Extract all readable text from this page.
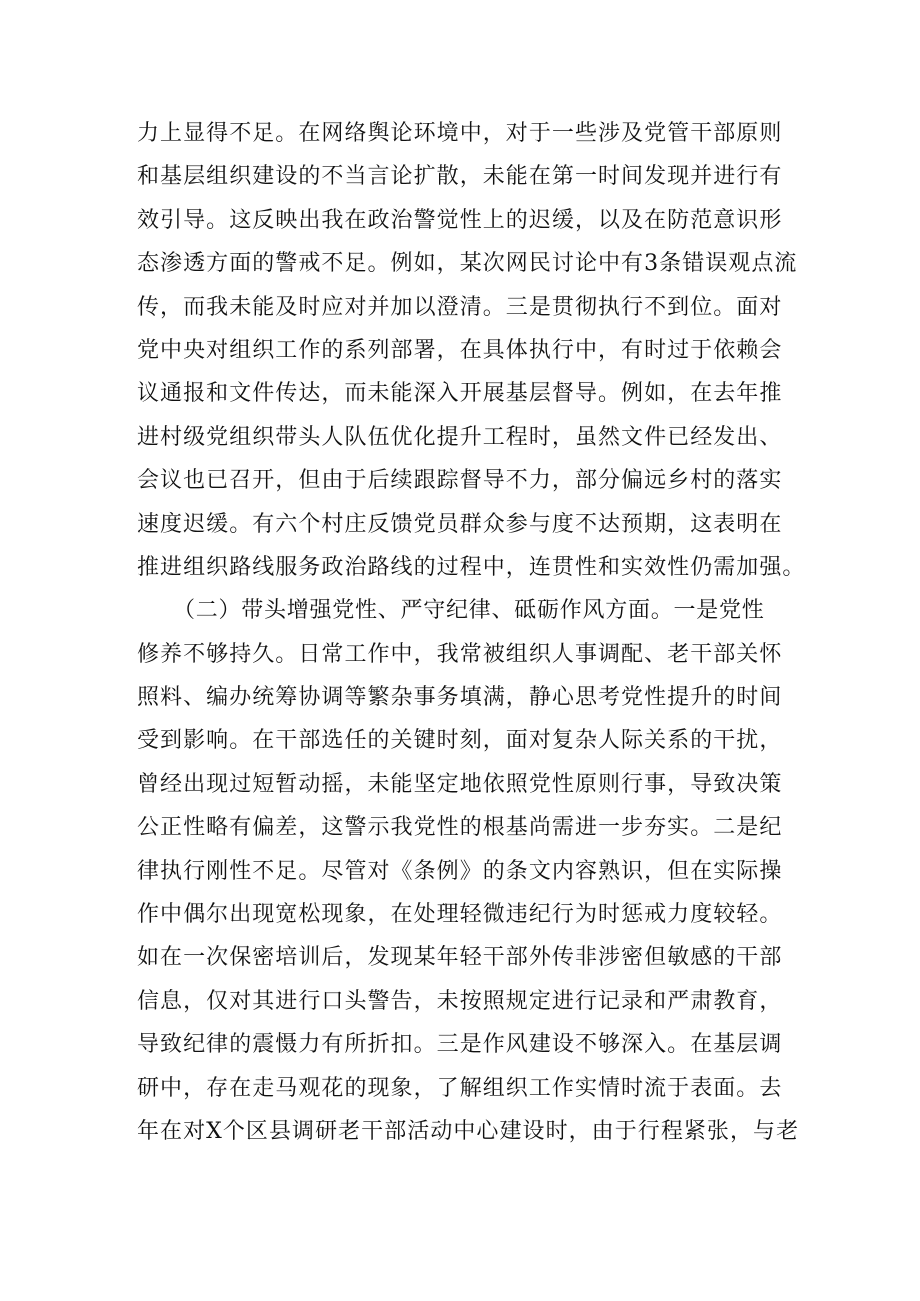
力上显得不足。在网络舆论环境中，对于一些涉及党管干部原则
和基层组织建设的不当言论扩散，未能在第一时间发现并进行有
效引导。这反映出我在政治警觉性上的迟缓，以及在防范意识形
态渗透方面的警戒不足。例如，某次网民讨论中有3条错误观点流
传，而我未能及时应对并加以澄清。三是贯彻执行不到位。面对
党中央对组织工作的系列部署，在具体执行中，有时过于依赖会
议通报和文件传达，而未能深入开展基层督导。例如，在去年推
进村级党组织带头人队伍优化提升工程时，虽然文件已经发出、
会议也已召开，但由于后续跟踪督导不力，部分偏远乡村的落实
速度迟缓。有六个村庄反馈党员群众参与度不达预期，这表明在
推进组织路线服务政治路线的过程中，连贯性和实效性仍需加强。
（二）带头增强党性、严守纪律、砥砺作风方面。一是党性
修养不够持久。日常工作中，我常被组织人事调配、老干部关怀
照料、编办统筹协调等繁杂事务填满，静心思考党性提升的时间
受到影响。在干部选任的关键时刻，面对复杂人际关系的干扰，
曾经出现过短暂动摇，未能坚定地依照党性原则行事，导致决策
公正性略有偏差，这警示我党性的根基尚需进一步夯实。二是纪
律执行刚性不足。尽管对《条例》的条文内容熟识，但在实际操
作中偶尔出现宽松现象，在处理轻微违纪行为时惩戒力度较轻。
如在一次保密培训后，发现某年轻干部外传非涉密但敏感的干部
信息，仅对其进行口头警告，未按照规定进行记录和严肃教育，
导致纪律的震慑力有所折扣。三是作风建设不够深入。在基层调
研中，存在走马观花的现象，了解组织工作实情时流于表面。去
年在对X个区县调研老干部活动中心建设时，由于行程紧张，与老
